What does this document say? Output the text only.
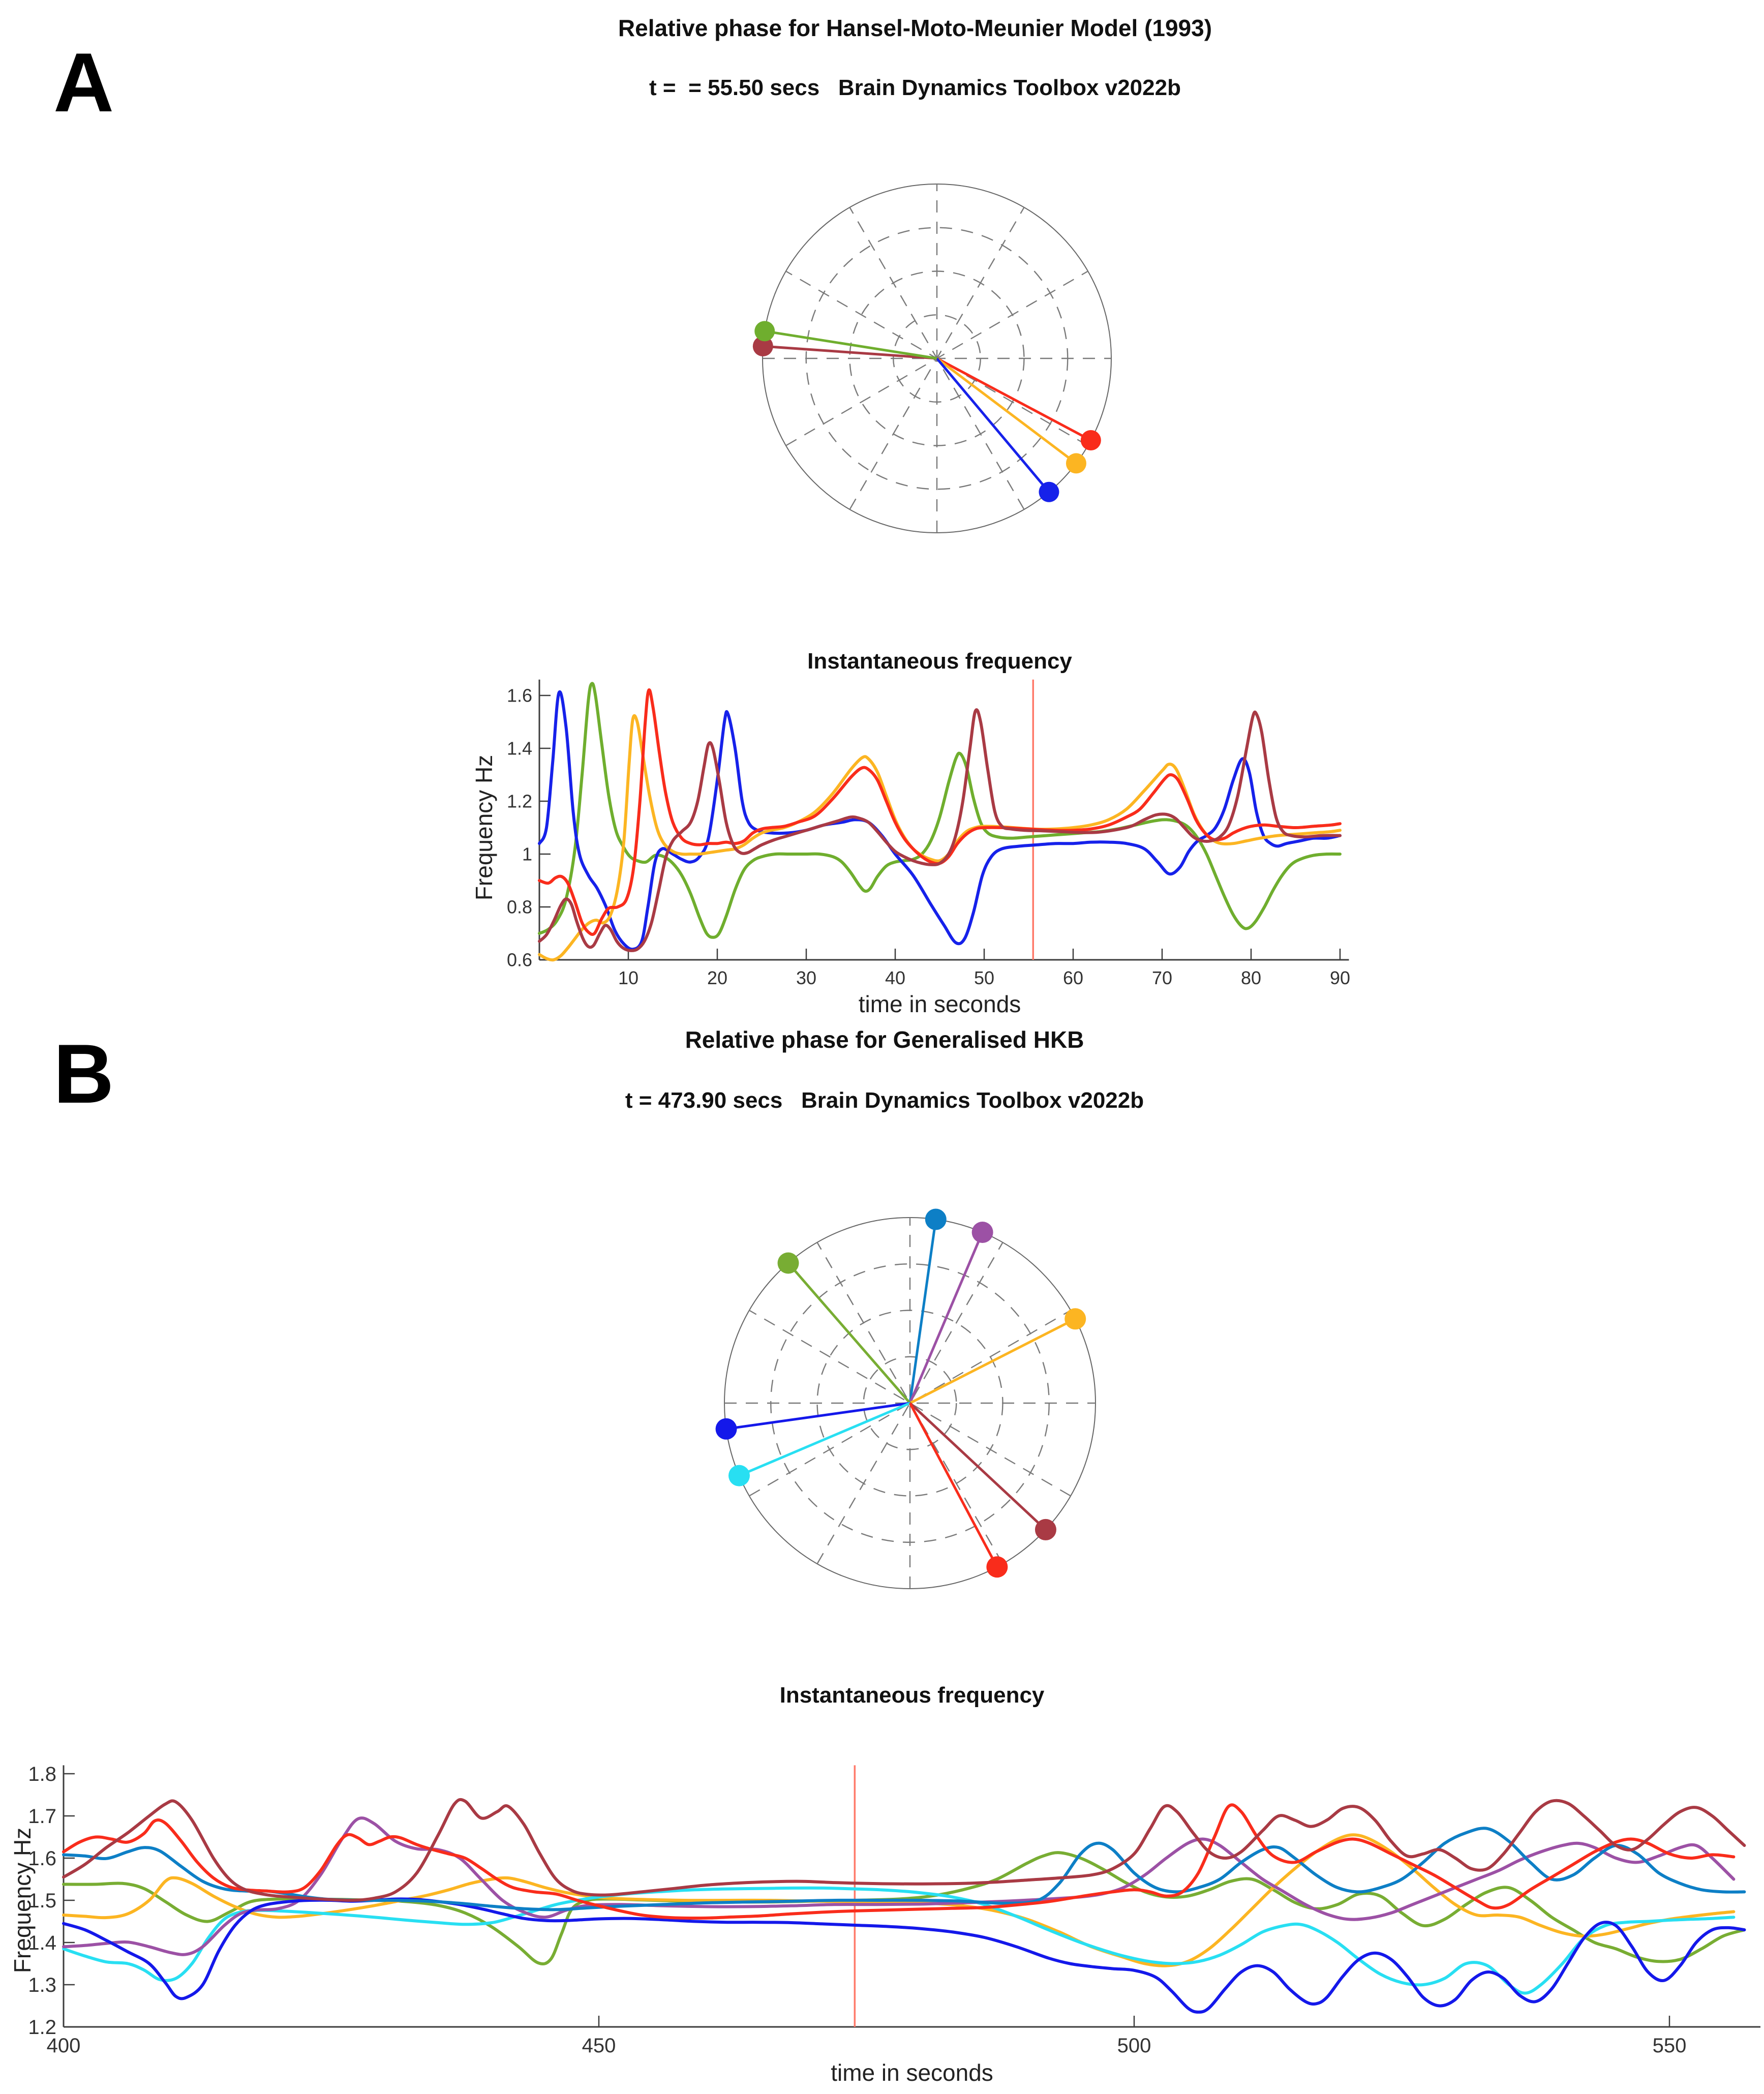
A
Relative phase for Hansel-Moto-Meunier Model (1993)
t =  = 55.50 secs   Brain Dynamics Toolbox v2022b
Instantaneous frequency
Frequency Hz
0.6
0.8
1
1.2
1.4
1.6
10	20	30	40	50	60	70	80	90
time in seconds
B	Relative phase for Generalised HKB
t = 473.90 secs   Brain Dynamics Toolbox v2022b
Instantaneous frequency
Frequency Hz
1.2
1.3
1.4
1.5
1.6
1.7
1.8
400	450	500	550
time in seconds
